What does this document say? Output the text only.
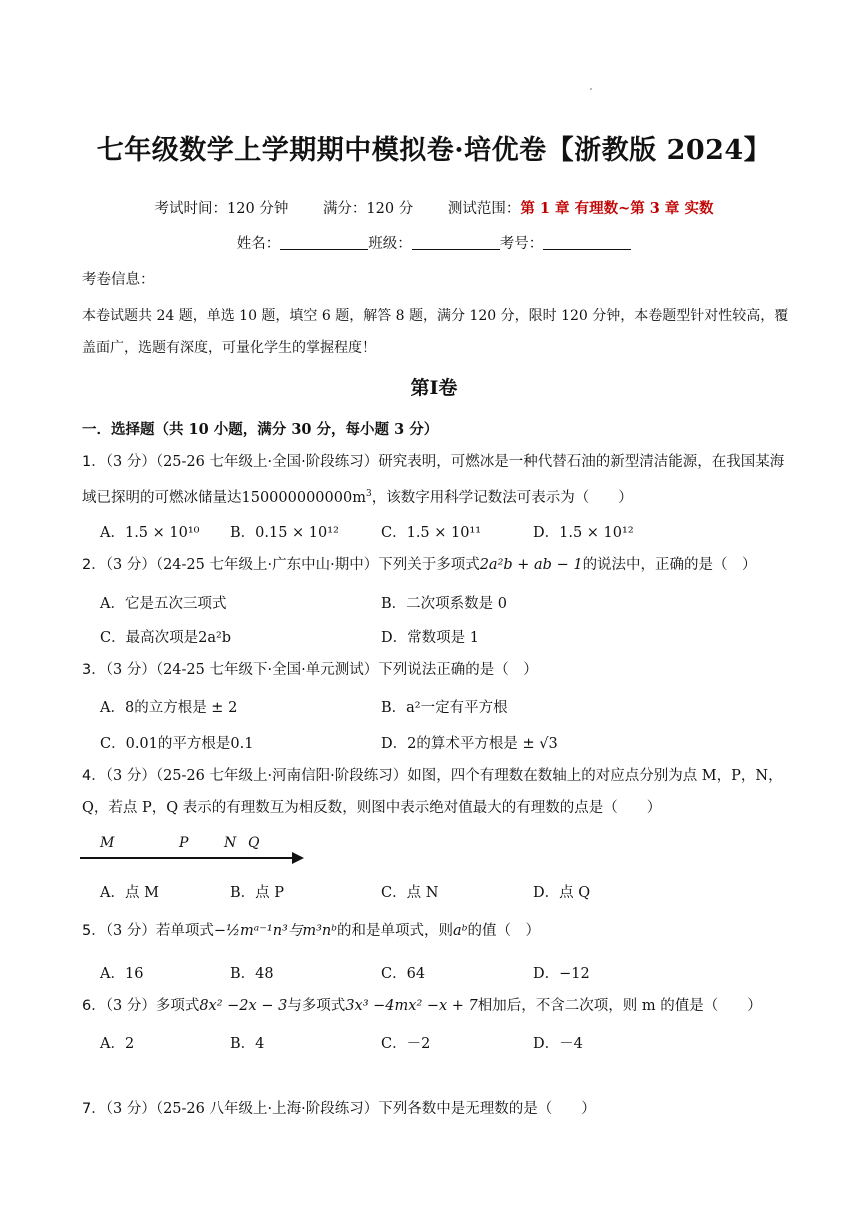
七年级数学上学期期中模拟卷·培优卷【浙教版 2024】
考试时间：120 分钟 满分：120 分 测试范围：第 1 章 有理数~第 3 章 实数
姓名：	班级：	考号：
考卷信息：
本卷试题共 24 题，单选 10 题，填空 6 题，解答 8 题，满分 120 分，限时 120 分钟，本卷题型针对性较高，覆盖面广，选题有深度，可量化学生的掌握程度！
第Ⅰ卷
一．选择题（共 10 小题，满分 30 分，每小题 3 分）
1．（3 分）（25-26 七年级上·全国·阶段练习）研究表明，可燃冰是一种代替石油的新型清洁能源，在我国某海域已探明的可燃冰储量达$150000000000m^3$，该数字用科学记数法可表示为（　　）
A．1.5 × 10¹⁰ B．0.15 × 10¹²	C．1.5 × 10¹¹	D．1.5 × 10¹²
2．（3 分）（24-25 七年级上·广东中山·期中）下列关于多项式2a²b + ab − 1的说法中，正确的是（　）
A．它是五次三项式	B．二次项系数是 0
C．最高次项是2a²b	D．常数项是 1
3．（3 分）（24-25 七年级下·全国·单元测试）下列说法正确的是（　）
A．8的立方根是 ± 2	B．a²一定有平方根
C．0.01的平方根是0.1	D．2的算术平方根是 ± √3
4．（3 分）（25-26 七年级上·河南信阳·阶段练习）如图，四个有理数在数轴上的对应点分别为点 M，P，N，Q，若点 P，Q 表示的有理数互为相反数，则图中表示绝对值最大的有理数的点是（　　）
M	P	N Q
A．点 M	B．点 P	C．点 N	D．点 Q
5．（3 分）若单项式−½mᵃ⁻¹n³与m³nᵇ的和是单项式，则aᵇ的值（　）
A．16	B．48	C．64	D．−12
6．（3 分）多项式8x² −2x − 3与多项式3x³ −4mx² −x + 7相加后，不含二次项，则 m 的值是（　　）
A．2	B．4	C．－2	D．－4
7．（3 分）（25-26 八年级上·上海·阶段练习）下列各数中是无理数的是（　　）
